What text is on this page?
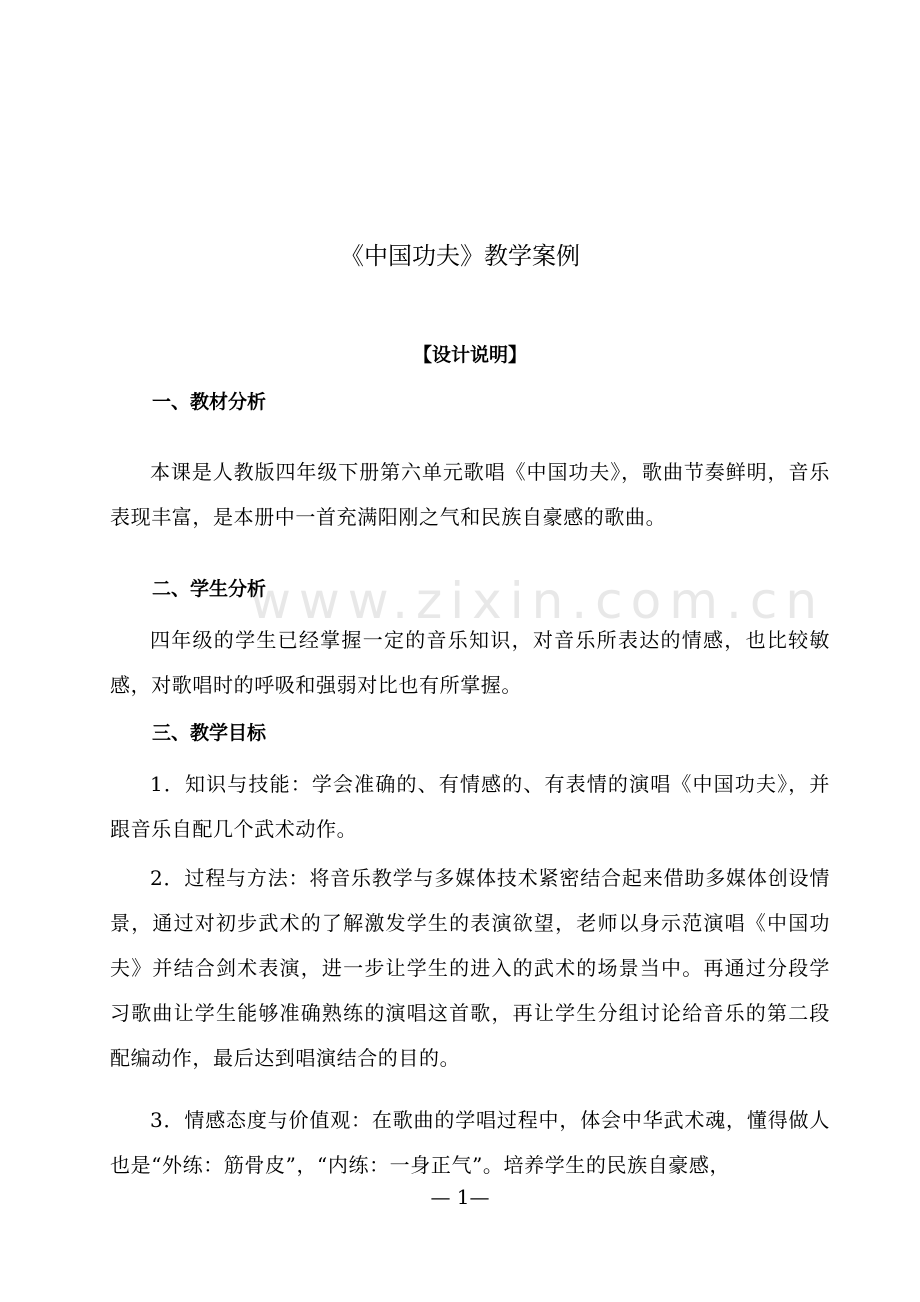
www.zixin.com.cn
《中国功夫》教学案例
【设计说明】
一、教材分析
本课是人教版四年级下册第六单元歌唱《中国功夫》，歌曲节奏鲜明，音乐表现丰富，是本册中一首充满阳刚之气和民族自豪感的歌曲。
二、学生分析
四年级的学生已经掌握一定的音乐知识，对音乐所表达的情感，也比较敏感，对歌唱时的呼吸和强弱对比也有所掌握。
三、教学目标
1．知识与技能：学会准确的、有情感的、有表情的演唱《中国功夫》，并跟音乐自配几个武术动作。
2．过程与方法：将音乐教学与多媒体技术紧密结合起来借助多媒体创设情景，通过对初步武术的了解激发学生的表演欲望，老师以身示范演唱《中国功夫》并结合剑术表演，进一步让学生的进入的武术的场景当中。再通过分段学习歌曲让学生能够准确熟练的演唱这首歌，再让学生分组讨论给音乐的第二段配编动作，最后达到唱演结合的目的。
3．情感态度与价值观：在歌曲的学唱过程中，体会中华武术魂，懂得做人也是“外练：筋骨皮”，“内练：一身正气”。培养学生的民族自豪感，
— 1—
